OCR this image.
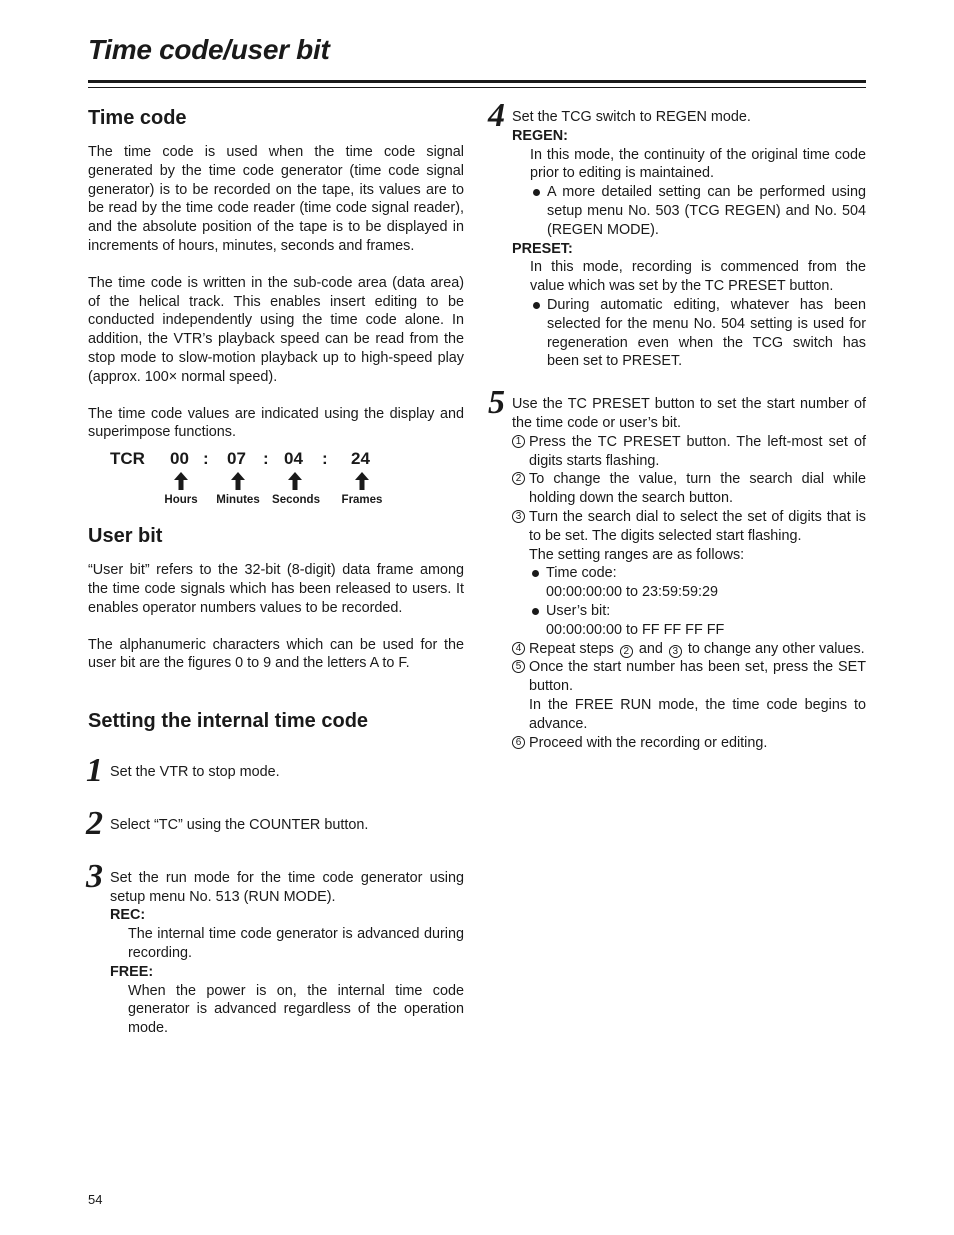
Time code/user bit
Time code

The time code is used when the time code signal generated by the time code generator (time code signal generator) is to be recorded on the tape, its values are to be read by the time code reader (time code signal reader), and the absolute position of the tape is to be displayed in increments of hours, minutes, seconds and frames.

The time code is written in the sub-code area (data area) of the helical track. This enables insert editing to be conducted independently using the time code alone. In addition, the VTR’s playback speed can be read from the stop mode to slow-motion playback up to high-speed play (approx. 100× normal speed).

The time code values are indicated using the display and superimpose functions.

TCR 00 : 07 : 04 : 24
Hours Minutes Seconds Frames
User bit

“User bit” refers to the 32-bit (8-digit) data frame among the time code signals which has been released to users. It enables operator numbers values to be recorded.

The alphanumeric characters which can be used for the user bit are the figures 0 to 9 and the letters A to F.

Setting the internal time code
1 Set the VTR to stop mode.

2 Select “TC” using the COUNTER button.

3 Set the run mode for the time code generator using setup menu No. 513 (RUN MODE).

REC:

The internal time code generator is advanced during recording.

FREE:

When the power is on, the internal time code generator is advanced regardless of the operation mode.

4 Set the TCG switch to REGEN mode.

REGEN:

In this mode, the continuity of the original time code prior to editing is maintained.

A more detailed setting can be performed using setup menu No. 503 (TCG REGEN) and No. 504 (REGEN MODE).

PRESET:

In this mode, recording is commenced from the value which was set by the TC PRESET button.

During automatic editing, whatever has been selected for the menu No. 504 setting is used for regeneration even when the TCG switch has been set to PRESET.

5 Use the TC PRESET button to set the start number of the time code or user’s bit.

1 Press the TC PRESET button. The left-most set of digits starts flashing.

2 To change the value, turn the search dial while holding down the search button.

3 Turn the search dial to select the set of digits that is to be set. The digits selected start flashing.

The setting ranges are as follows:

Time code:
00:00:00:00 to 23:59:59:29
User’s bit:
00:00:00:00 to FF FF FF FF
4 Repeat steps 2 and 3 to change any other values.

5 Once the start number has been set, press the SET button.

In the FREE RUN mode, the time code begins to advance.

6 Proceed with the recording or editing.

54
